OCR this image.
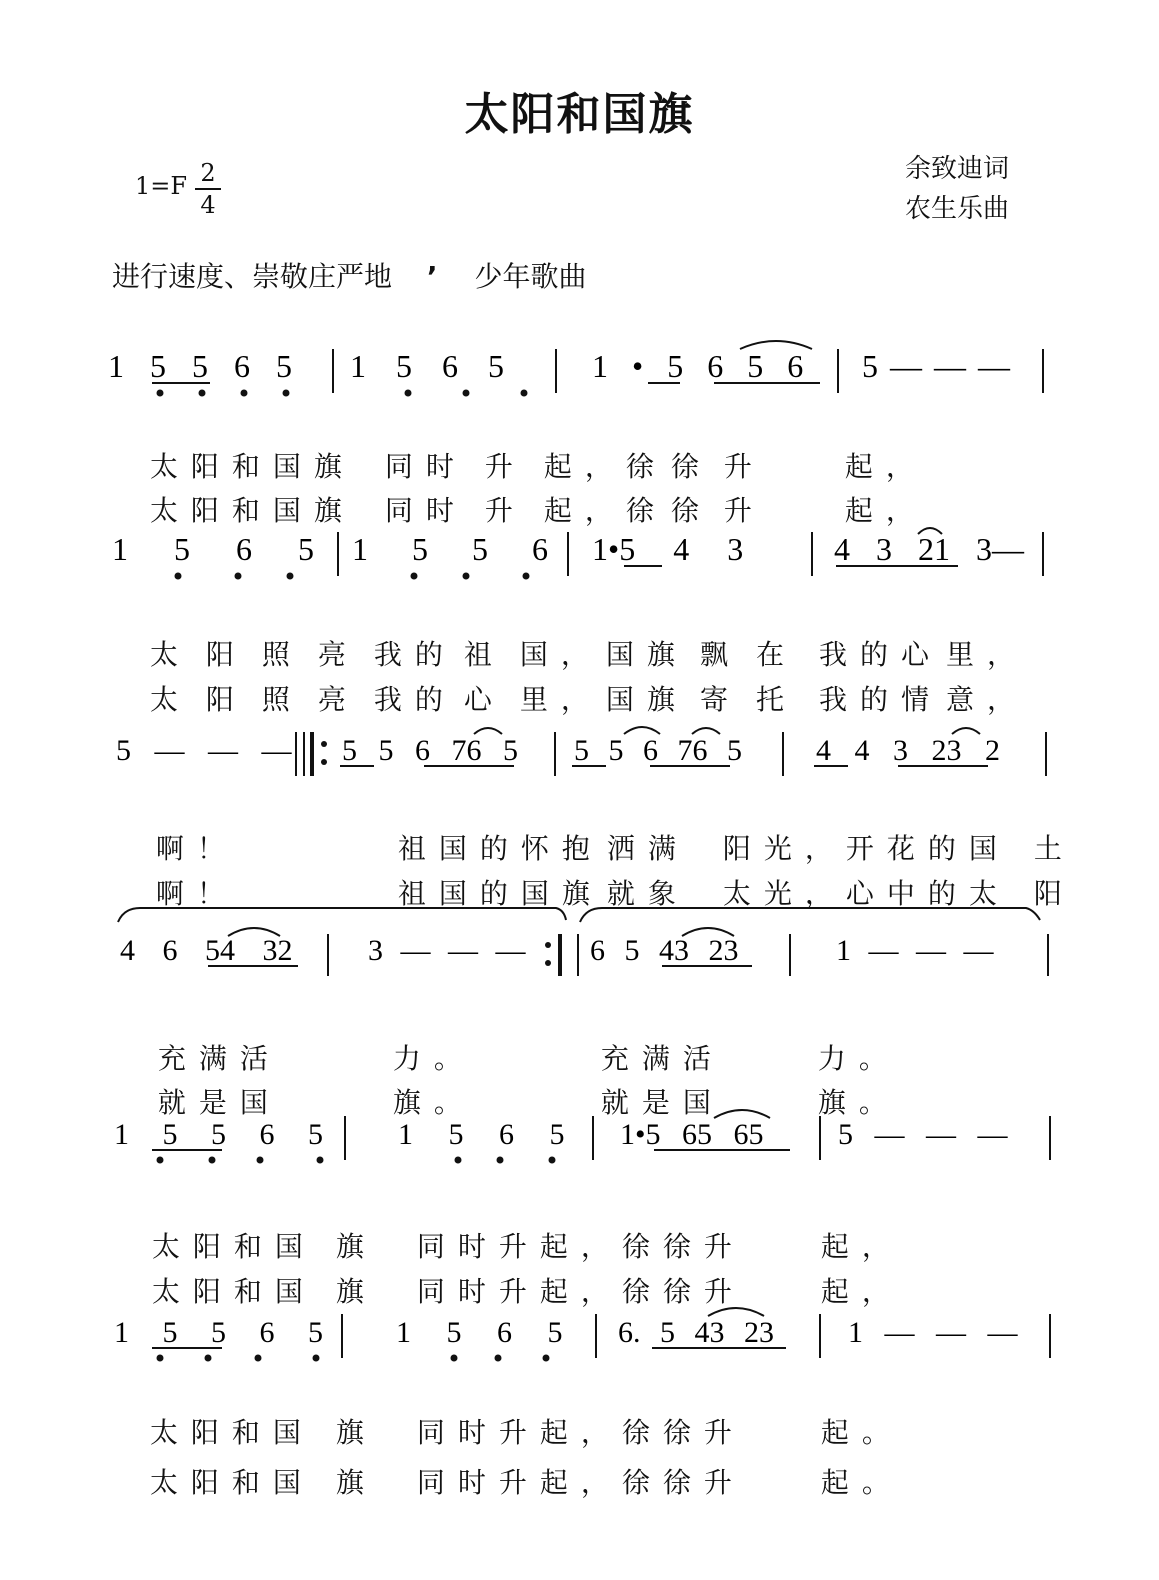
太阳和国旗
余致迪词
农生乐曲
1=F 2
4
进行速度、崇敬庄严地 ’ 少年歌曲
1 5 5 6 5 1 5 6 5	1 • 5 6 5 6 5 — — —

太阳和国旗 同时 升 起，徐 徐 升	起，

太阳和国旗 同时 升 起，徐 徐 升	起，

1 5 6 5 1 5 5 6 1•5 4 3	4 3 21 3—

太 阳 照 亮 我的 祖 国， 国旗 飘 在 我的心 里，

太 阳 照 亮 我的 心 里， 国旗 寄 托 我的情 意，

5 — — — 5 5 6 76 5 5 5 6 76 5 4 4 3 23 2

啊！	祖国的怀抱 洒满 阳光，开花的国 土

啊！	祖国的国旗 就象 太光，心中的太 阳

4 6 54 32	3 — — — 6 5 43 23	1 — — —

充满活	力。	充满活	力。

就是国	旗。	就是国	旗。

1 5 5 6 5	1 5 6 5 1•5 65 65 5 — — —

太阳和国 旗 同时升起，徐徐升	起，

太阳和国 旗 同时升起，徐徐升	起，

1 5 5 6 5 1 5 6 5 6. 5 43 23 1 — — —

太阳和国 旗 同时升起，徐徐升	起。

太阳和国 旗 同时升起，徐徐升	起。
